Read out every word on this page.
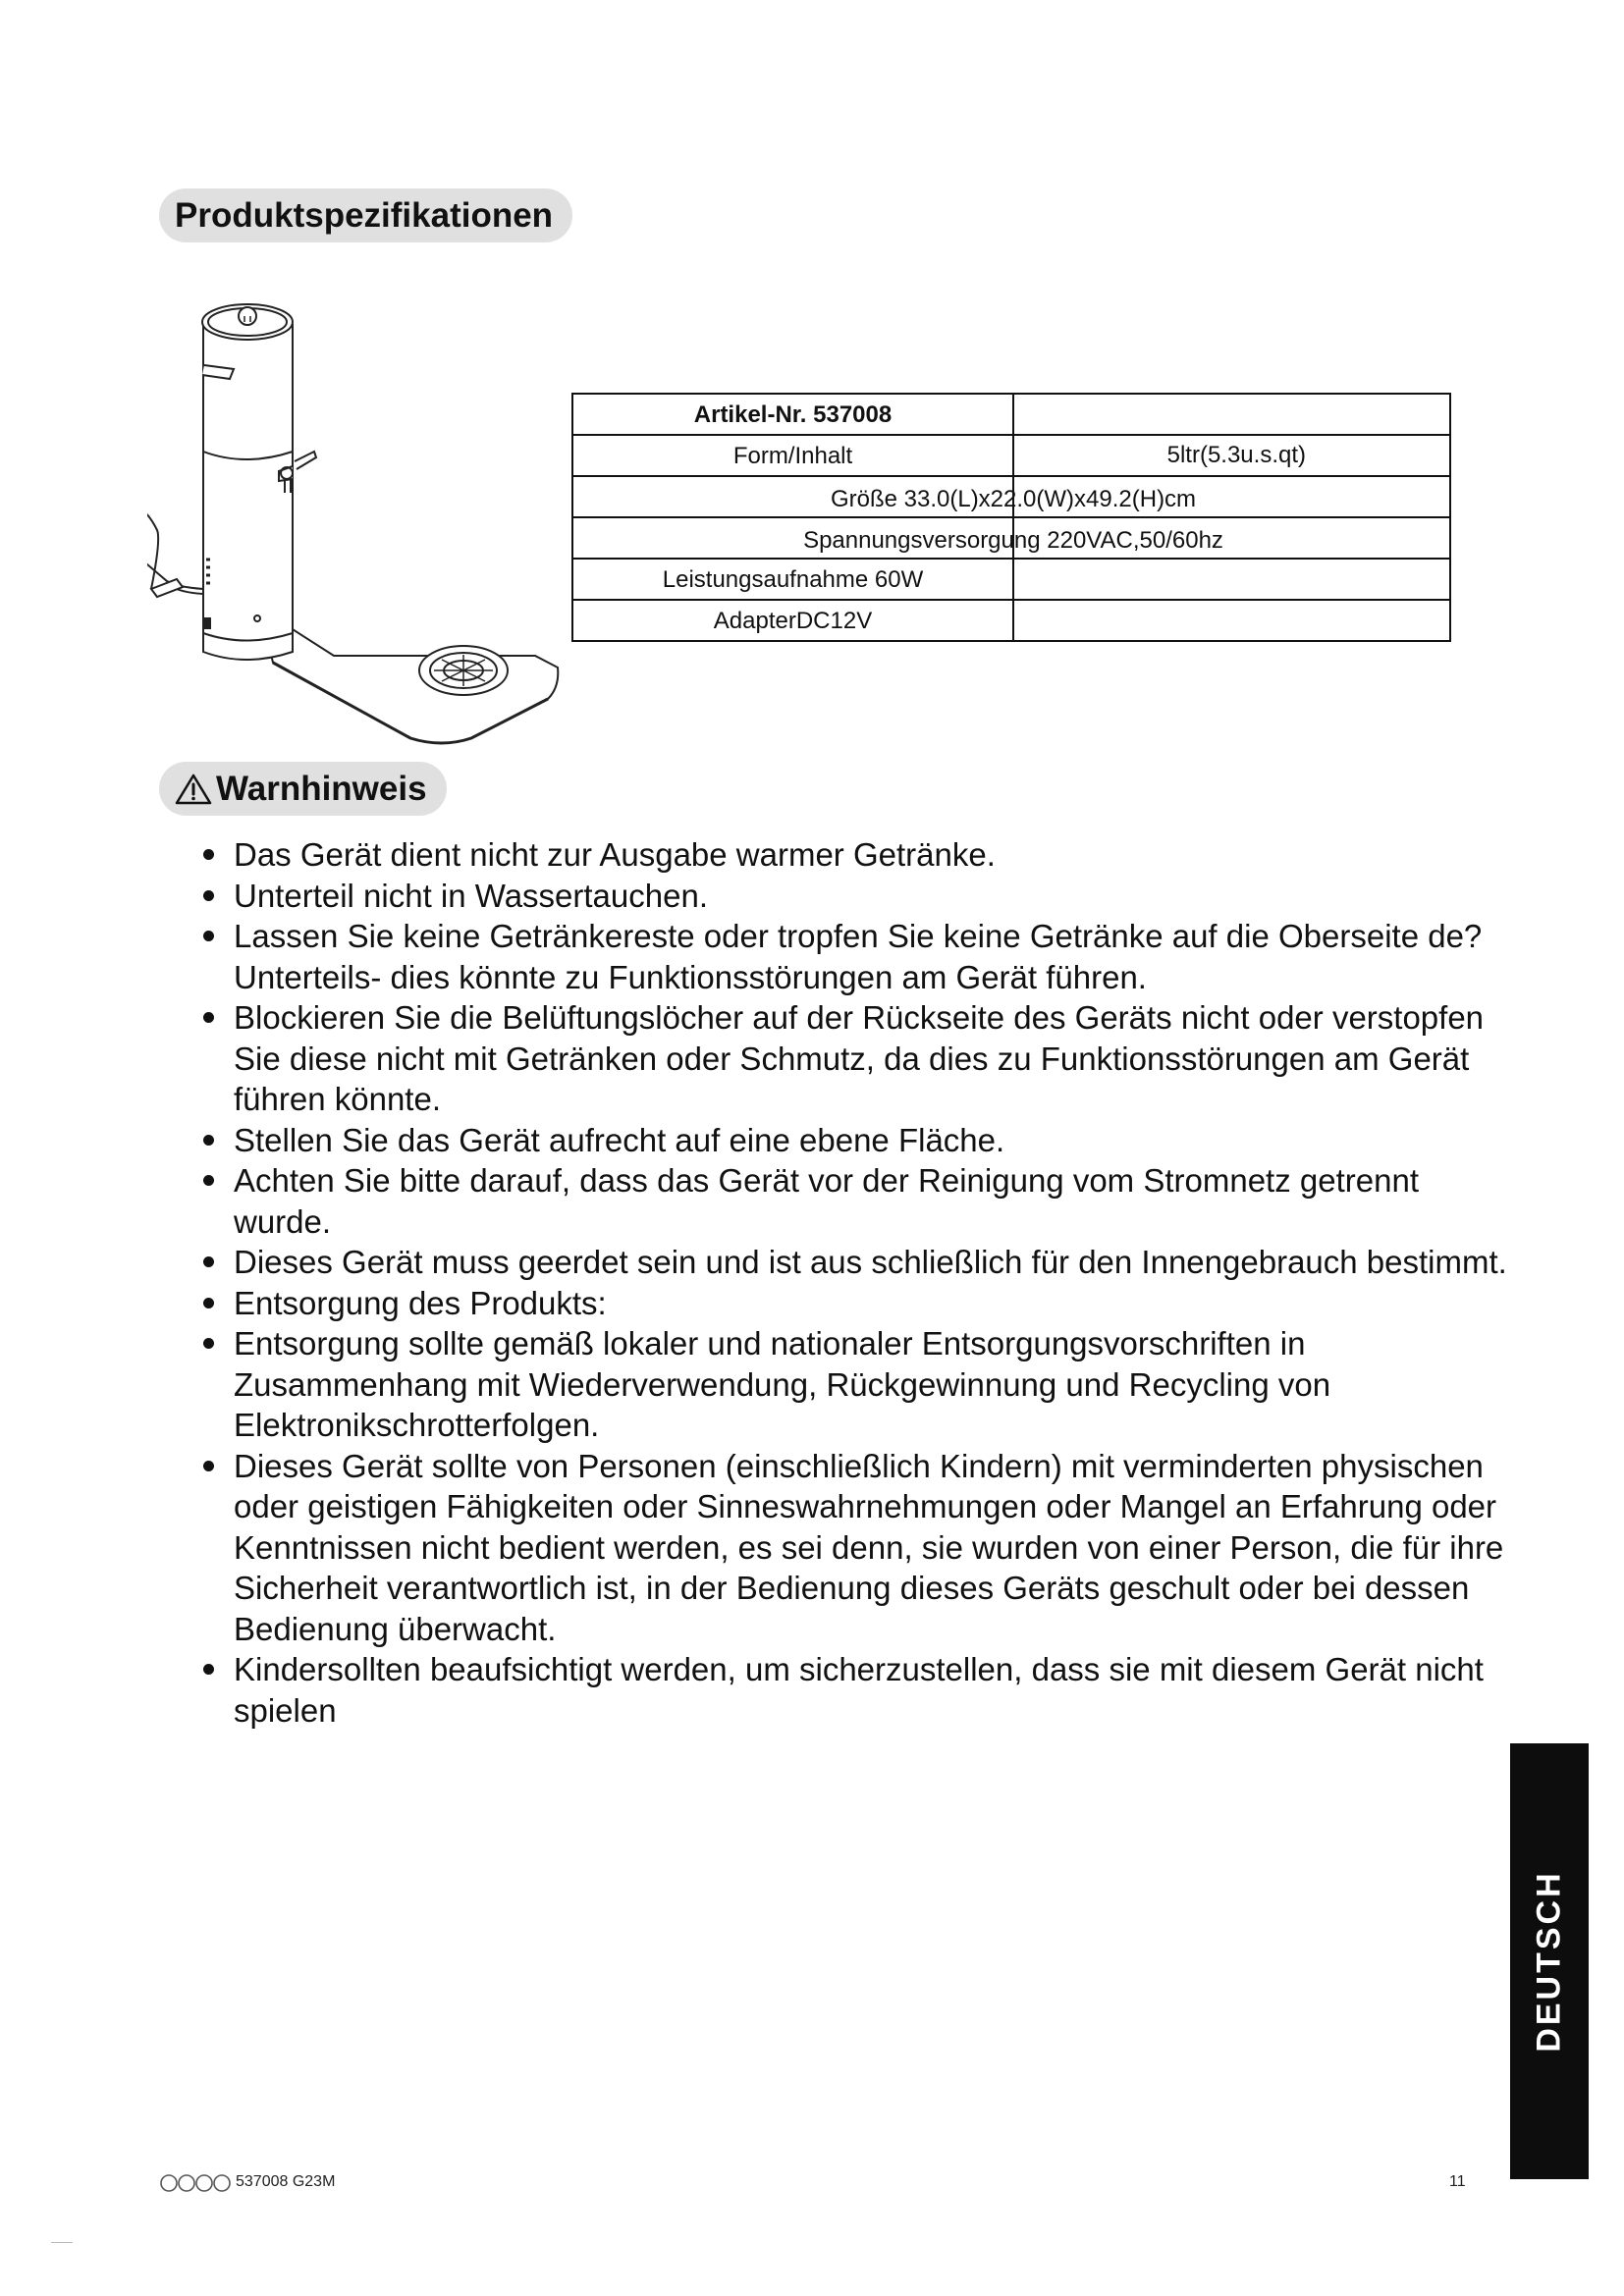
Produktspezifikationen
Artikel-Nr. 537008	

Form/Inhalt	5ltr(5.3u.s.qt)

Größe 33.0(L)x22.0(W)x49.2(H)cm	

Spannungsversorgung 220VAC,50/60hz	

Leistungsaufnahme 60W	

AdapterDC12V	

Warnhinweis
Das Gerät dient nicht zur Ausgabe warmer Getränke.
Unterteil nicht in Wassertauchen.
Lassen Sie keine Getränkereste oder tropfen Sie keine Getränke auf die Oberseite de? Unterteils- dies könnte zu Funktionsstörungen am Gerät führen.
Blockieren Sie die Belüftungslöcher auf der Rückseite des Geräts nicht oder verstopfen Sie diese nicht mit Getränken oder Schmutz, da dies zu Funktionsstörungen am Gerät führen könnte.
Stellen Sie das Gerät aufrecht auf eine ebene Fläche.
Achten Sie bitte darauf, dass das Gerät vor der Reinigung vom Stromnetz getrennt wurde.
Dieses Gerät muss geerdet sein und ist aus schließlich für den Innengebrauch bestimmt.
Entsorgung des Produkts:
Entsorgung sollte gemäß lokaler und nationaler Entsorgungsvorschriften in Zusammenhang mit Wiederverwendung, Rückgewinnung und Recycling von Elektronikschrotterfolgen.
Dieses Gerät sollte von Personen (einschließlich Kindern) mit verminderten physischen oder geistigen Fähigkeiten oder Sinneswahrnehmungen oder Mangel an Erfahrung oder Kenntnissen nicht bedient werden, es sei denn, sie wurden von einer Person, die für ihre Sicherheit verantwortlich ist, in der Bedienung dieses Geräts geschult oder bei dessen Bedienung überwacht.
Kindersollten beaufsichtigt werden, um sicherzustellen, dass sie mit diesem Gerät nicht spielen
DEUTSCH
537008 G23M	11
